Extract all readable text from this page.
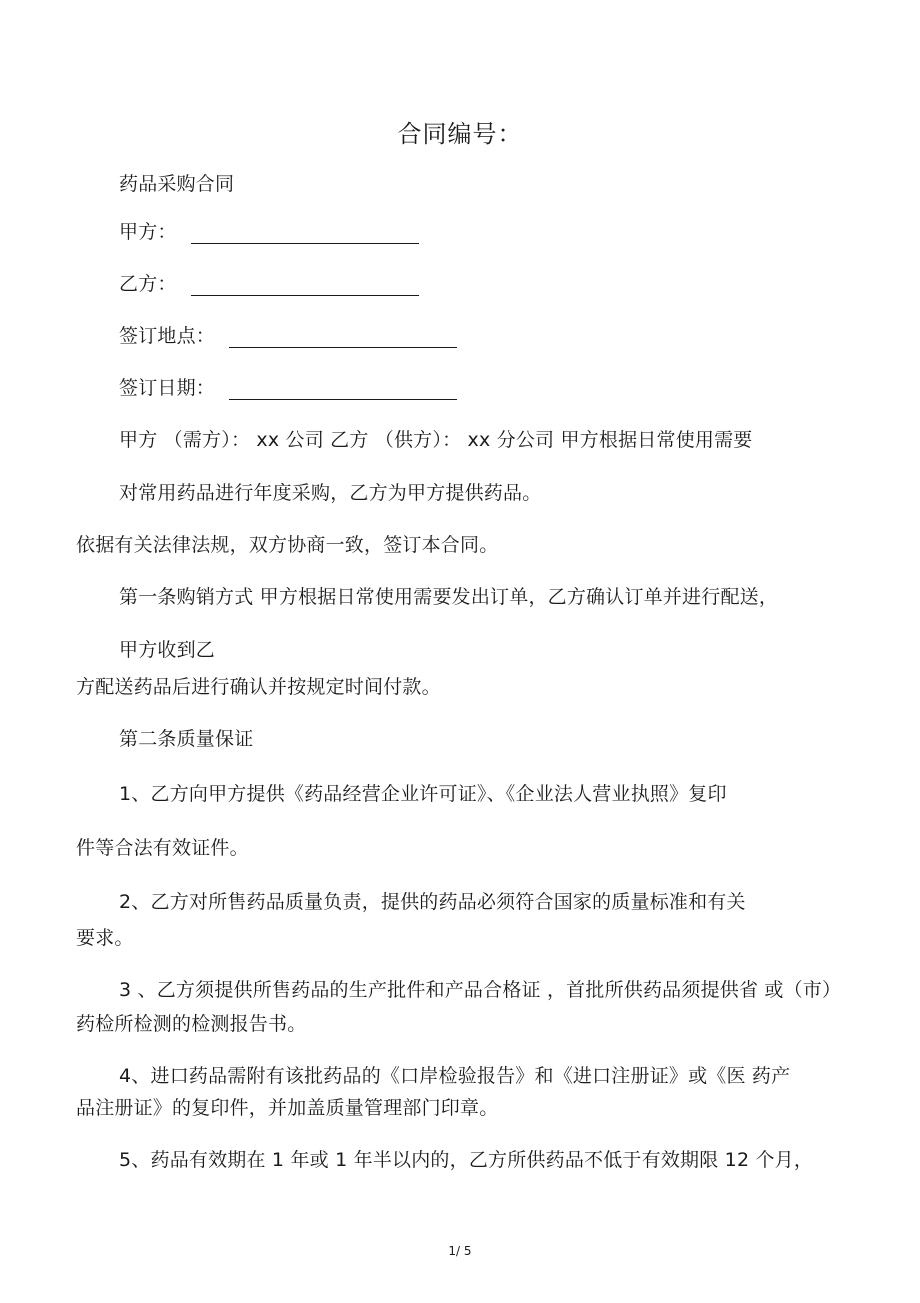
合同编号：
药品采购合同
甲方：
乙方：
签订地点：
签订日期：
甲方 （需方）： xx 公司 乙方 （供方）： xx 分公司 甲方根据日常使用需要
对常用药品进行年度采购，乙方为甲方提供药品。
依据有关法律法规，双方协商一致，签订本合同。
第一条购销方式 甲方根据日常使用需要发出订单，乙方确认订单并进行配送，
甲方收到乙
方配送药品后进行确认并按规定时间付款。
第二条质量保证
1、乙方向甲方提供《药品经营企业许可证》、《企业法人营业执照》复印
件等合法有效证件。
2、乙方对所售药品质量负责，提供的药品必须符合国家的质量标准和有关
要求。
3 、乙方须提供所售药品的生产批件和产品合格证 ，首批所供药品须提供省 或（市）
药检所检测的检测报告书。
4、进口药品需附有该批药品的《口岸检验报告》和《进口注册证》或《医 药产
品注册证》的复印件，并加盖质量管理部门印章。
5、药品有效期在 1 年或 1 年半以内的，乙方所供药品不低于有效期限 12 个月，
1/ 5
